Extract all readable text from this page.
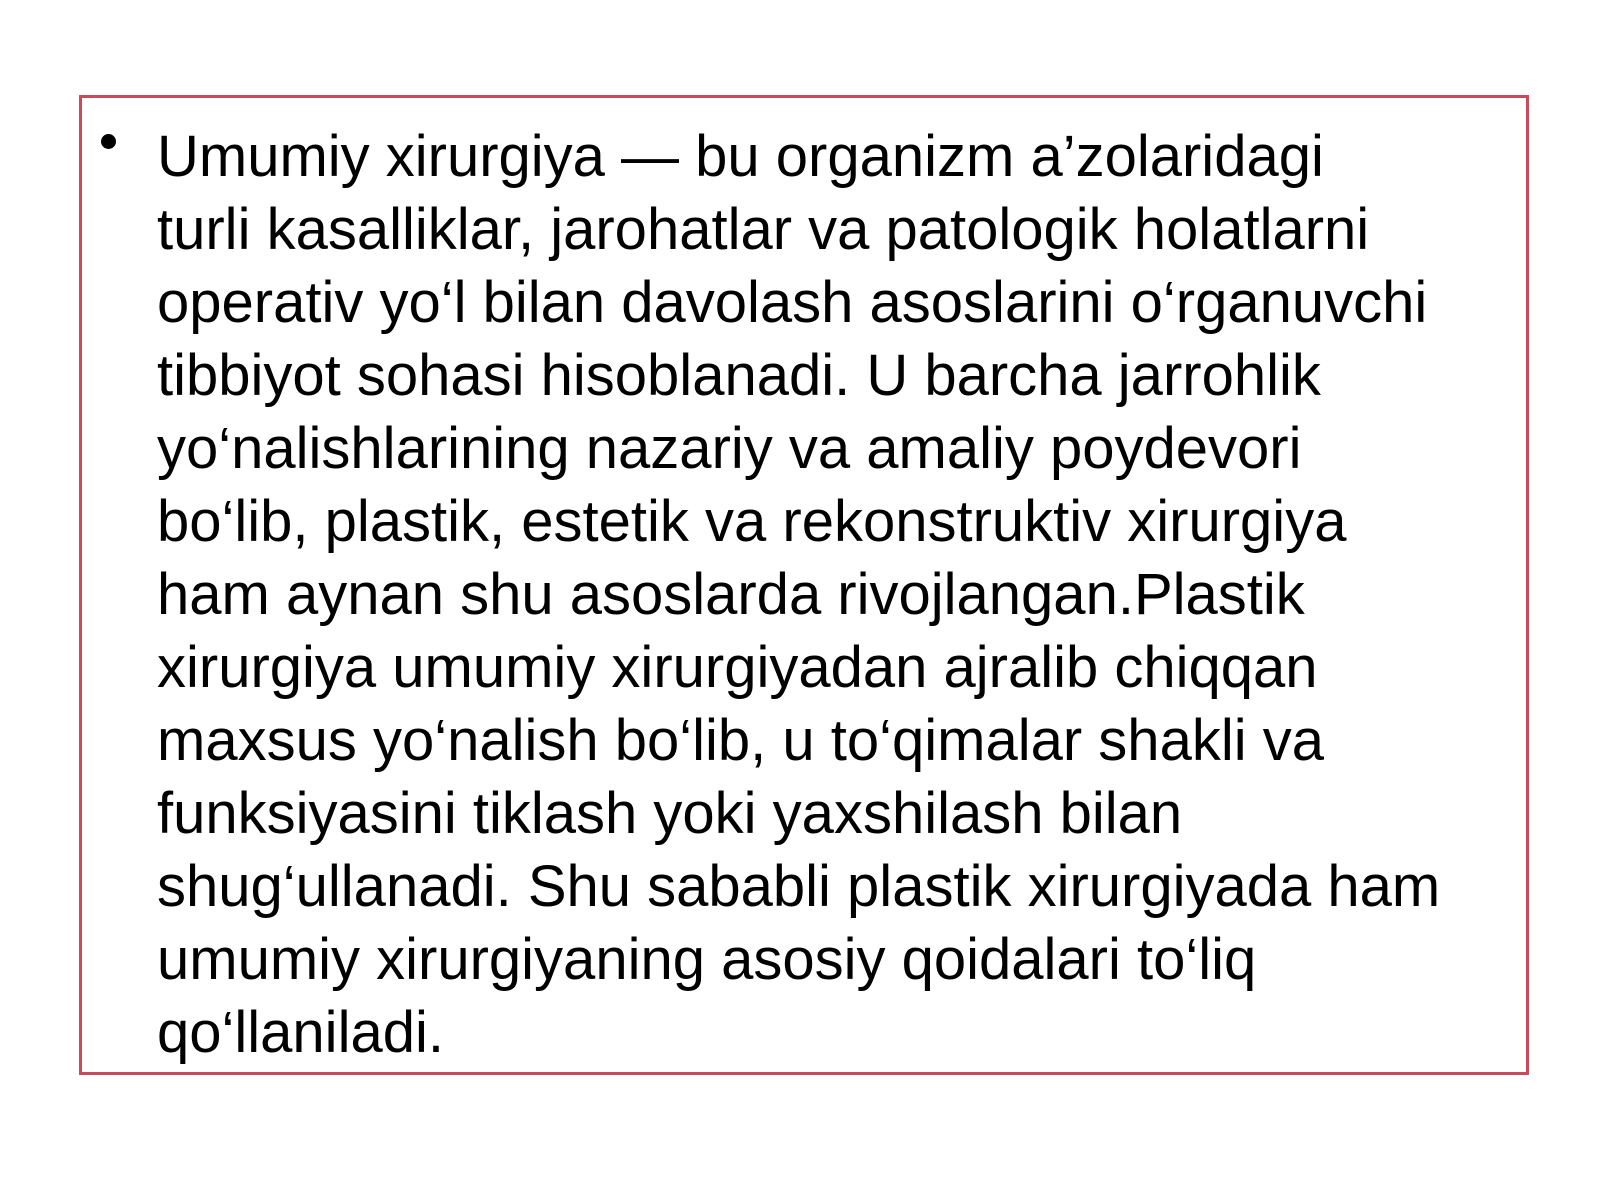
Umumiy xirurgiya — bu organizm a’zolaridagi
turli kasalliklar, jarohatlar va patologik holatlarni
operativ yo‘l bilan davolash asoslarini o‘rganuvchi
tibbiyot sohasi hisoblanadi. U barcha jarrohlik
yo‘nalishlarining nazariy va amaliy poydevori
bo‘lib, plastik, estetik va rekonstruktiv xirurgiya
ham aynan shu asoslarda rivojlangan.Plastik
xirurgiya umumiy xirurgiyadan ajralib chiqqan
maxsus yo‘nalish bo‘lib, u to‘qimalar shakli va
funksiyasini tiklash yoki yaxshilash bilan
shug‘ullanadi. Shu sababli plastik xirurgiyada ham
umumiy xirurgiyaning asosiy qoidalari to‘liq
qo‘llaniladi.
